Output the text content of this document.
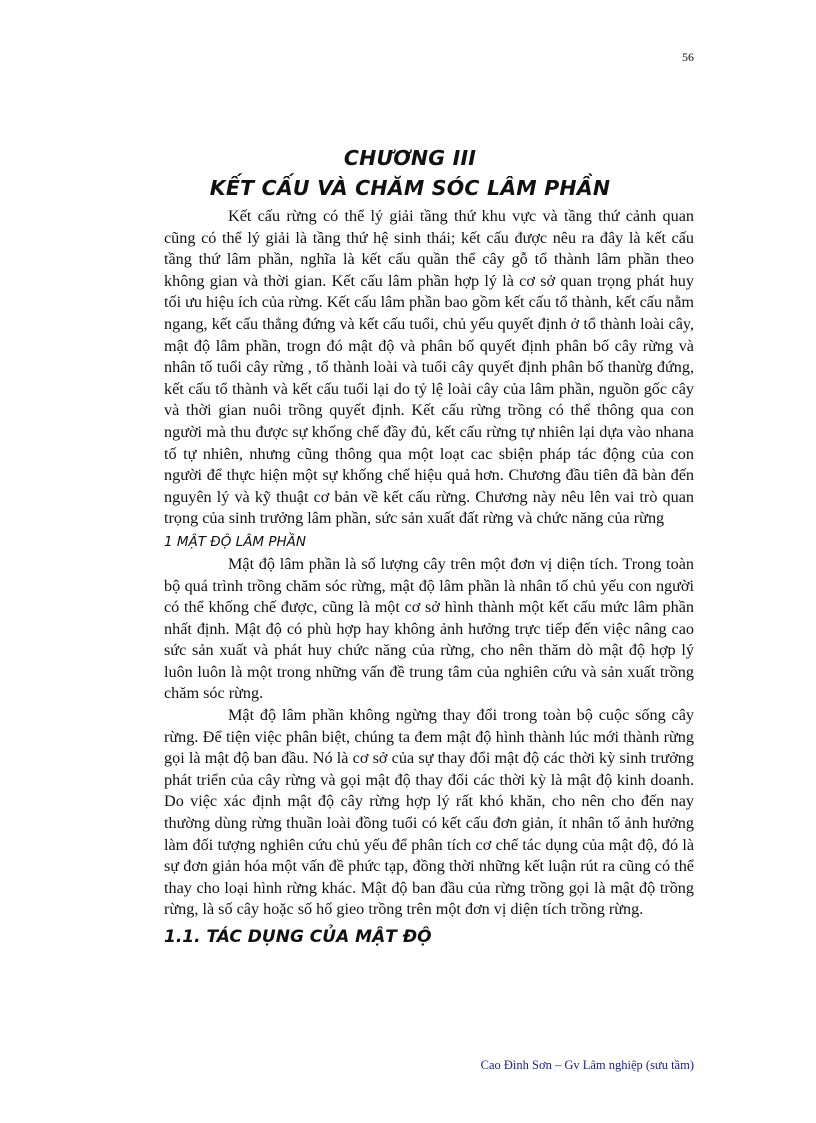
56
CHƯƠNG III
KẾT CẤU VÀ CHĂM SÓC LÂM PHẦN

Kết cấu rừng có thể lý giải tầng thứ khu vực và tầng thứ cảnh quan cũng có thể lý giải là tầng thứ hệ sinh thái; kết cấu được nêu ra đây là kết cấu tầng thứ lâm phần, nghĩa là kết cấu quần thể cây gỗ tổ thành lâm phần theo không gian và thời gian. Kết cấu lâm phần hợp lý là cơ sở quan trọng phát huy tối ưu hiệu ích của rừng. Kết cấu lâm phần bao gồm kết cấu tổ thành, kết cấu nằm ngang, kết cấu thẳng đứng và kết cấu tuổi, chủ yếu quyết định ở tổ thành loài cây, mật độ lâm phần, trogn đó mật độ và phân bố quyết định phân bố cây rừng và nhân tố tuổi cây rừng , tổ thành loài và tuổi cây quyết định phân bố thanừg đứng, kết cấu tổ thành và kết cấu tuổi lại do tỷ lệ loài cây của lâm phần, nguồn gốc cây và thời gian nuôi trồng quyết định. Kết cấu rừng trồng có thể thông qua con người mà thu được sự khống chế đầy đủ, kết cấu rừng tự nhiên lại dựa vào nhana tố tự nhiên, nhưng cũng thông qua một loạt cac sbiện pháp tác động của con người để thực hiện một sự khống chế hiệu quả hơn. Chương đầu tiên đã bàn đến nguyên lý và kỹ thuật cơ bản về kết cấu rừng. Chương này nêu lên vai trò quan trọng của sinh trưởng lâm phần, sức sản xuất đất rừng và chức năng của rừng

1 MẬT ĐỘ LÂM PHẦN

Mật độ lâm phần là số lượng cây trên một đơn vị diện tích. Trong toàn bộ quá trình trồng chăm sóc rừng, mật độ lâm phần là nhân tố chủ yếu con người có thể khống chế được, cũng là một cơ sở hình thành một kết cấu mức lâm phần nhất định. Mật độ có phù hợp hay không ảnh hưởng trực tiếp đến việc nâng cao sức sản xuất và phát huy chức năng của rừng, cho nên thăm dò mật độ hợp lý luôn luôn là một trong những vấn đề trung tâm của nghiên cứu và sản xuất trồng chăm sóc rừng.

Mật độ lâm phần không ngừng thay đổi trong toàn bộ cuộc sống cây rừng. Để tiện việc phân biệt, chúng ta đem mật độ hình thành lúc mới thành rừng gọi là mật độ ban đầu. Nó là cơ sở của sự thay đổi mật độ các thời kỳ sinh trưởng phát triển của cây rừng và gọi mật độ thay đổi các thời kỳ là mật độ kinh doanh. Do việc xác định mật độ cây rừng hợp lý rất khó khăn, cho nên cho đến nay thường dùng rừng thuần loài đồng tuổi có kết cấu đơn giản, ít nhân tố ảnh hưởng làm đối tượng nghiên cứu chủ yếu để phân tích cơ chế tác dụng của mật độ, đó là sự đơn giản hóa một vấn đề phức tạp, đồng thời những kết luận rút ra cũng có thể thay cho loại hình rừng khác. Mật độ ban đầu của rừng trồng gọi là mật độ trồng rừng, là số cây hoặc số hố gieo trồng trên một đơn vị diện tích trồng rừng.

1.1. TÁC DỤNG CỦA MẬT ĐỘ
Cao Đình Sơn – Gv Lâm nghiệp (sưu tầm)
